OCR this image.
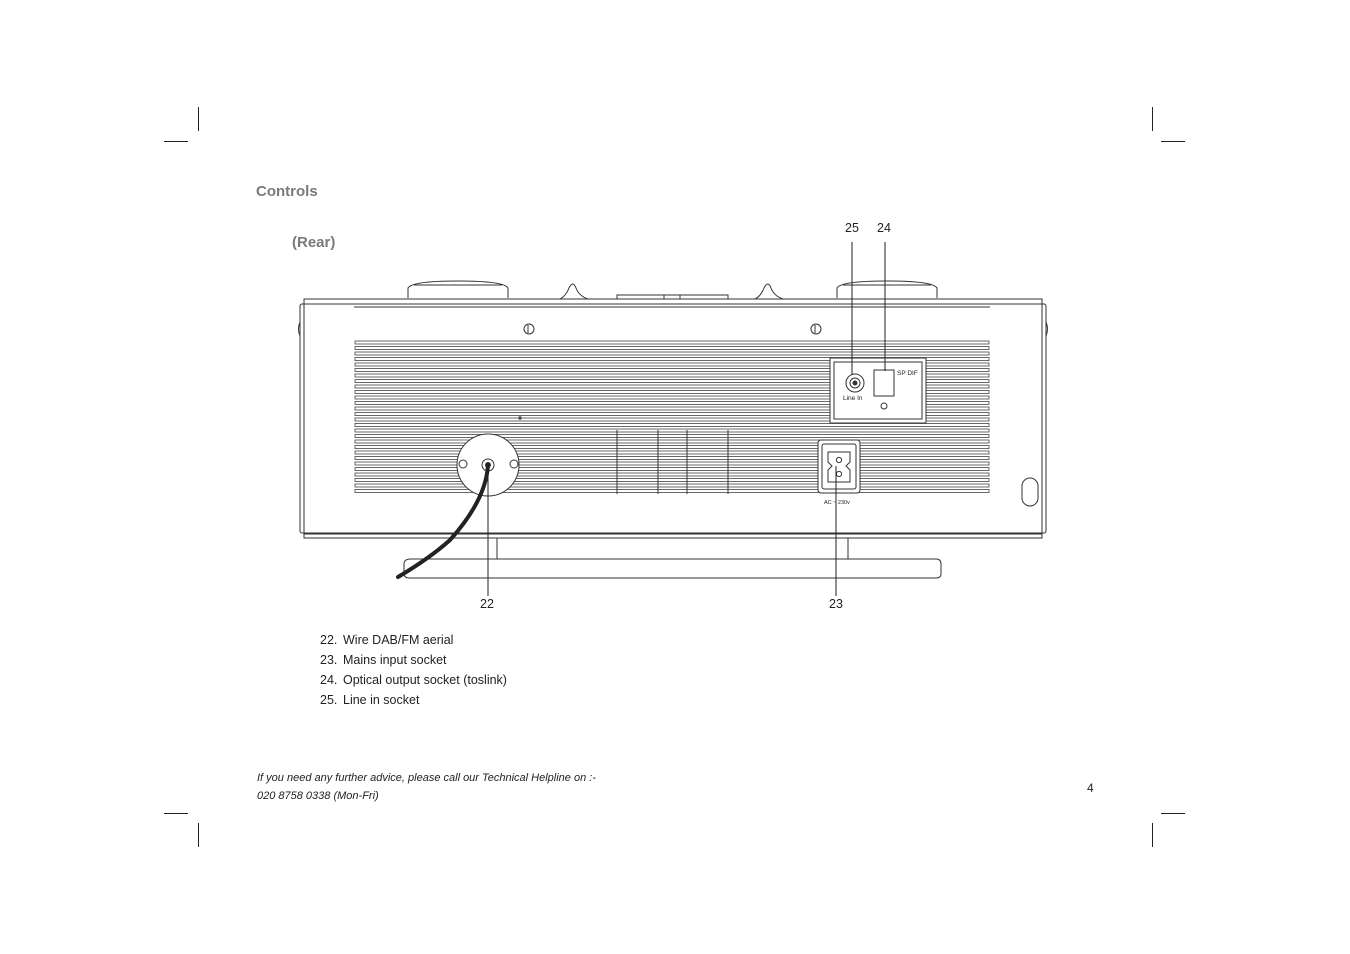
Controls
(Rear)
Line In
SP DIF
AC ~ 230v
25 24
22	23
22. Wire DAB/FM aerial
23. Mains input socket
24. Optical output socket (toslink)
25. Line in socket
If you need any further advice, please call our Technical Helpline on :-
020 8758 0338 (Mon-Fri)
4
